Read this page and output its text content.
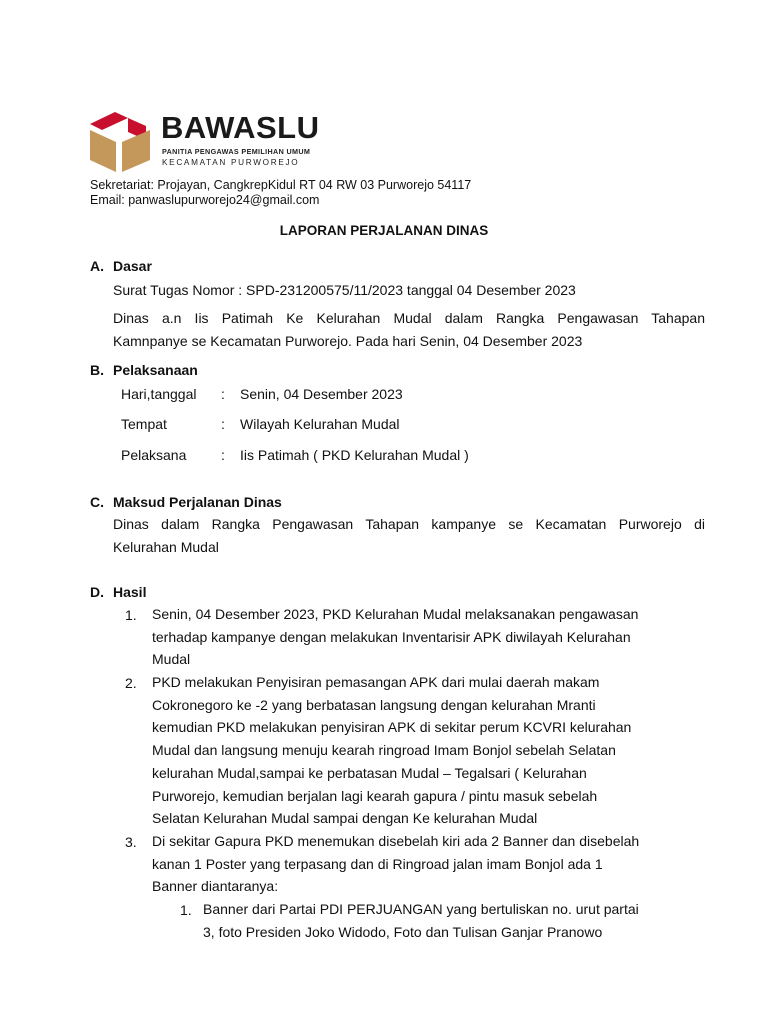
BAWASLU
PANITIA PENGAWAS PEMILIHAN UMUM
KECAMATAN PURWOREJO
Sekretariat: Projayan, CangkrepKidul RT 04 RW 03 Purworejo 54117
Email: panwaslupurworejo24@gmail.com
LAPORAN PERJALANAN DINAS
A. Dasar
Surat Tugas Nomor : SPD-231200575/11/2023 tanggal 04 Desember 2023
Dinas a.n Iis Patimah Ke Kelurahan Mudal dalam Rangka Pengawasan Tahapan
Kamnpanye se Kecamatan Purworejo. Pada hari Senin, 04 Desember 2023
B. Pelaksanaan
Hari,tanggal : Senin, 04 Desember 2023
Tempat	: Wilayah Kelurahan Mudal
Pelaksana : Iis Patimah ( PKD Kelurahan Mudal )
C. Maksud Perjalanan Dinas
Dinas dalam Rangka Pengawasan Tahapan kampanye se Kecamatan Purworejo di
Kelurahan Mudal
D. Hasil
1. Senin, 04 Desember 2023, PKD Kelurahan Mudal melaksanakan pengawasan
terhadap kampanye dengan melakukan Inventarisir APK diwilayah Kelurahan
Mudal
2. PKD melakukan Penyisiran pemasangan APK dari mulai daerah makam
Cokronegoro ke -2 yang berbatasan langsung dengan kelurahan Mranti
kemudian PKD melakukan penyisiran APK di sekitar perum KCVRI kelurahan
Mudal dan langsung menuju kearah ringroad Imam Bonjol sebelah Selatan
kelurahan Mudal,sampai ke perbatasan Mudal – Tegalsari ( Kelurahan
Purworejo, kemudian berjalan lagi kearah gapura / pintu masuk sebelah
Selatan Kelurahan Mudal sampai dengan Ke kelurahan Mudal
3. Di sekitar Gapura PKD menemukan disebelah kiri ada 2 Banner dan disebelah
kanan 1 Poster yang terpasang dan di Ringroad jalan imam Bonjol ada 1
Banner diantaranya:
1. Banner dari Partai PDI PERJUANGAN yang bertuliskan no. urut partai
3, foto Presiden Joko Widodo, Foto dan Tulisan Ganjar Pranowo
